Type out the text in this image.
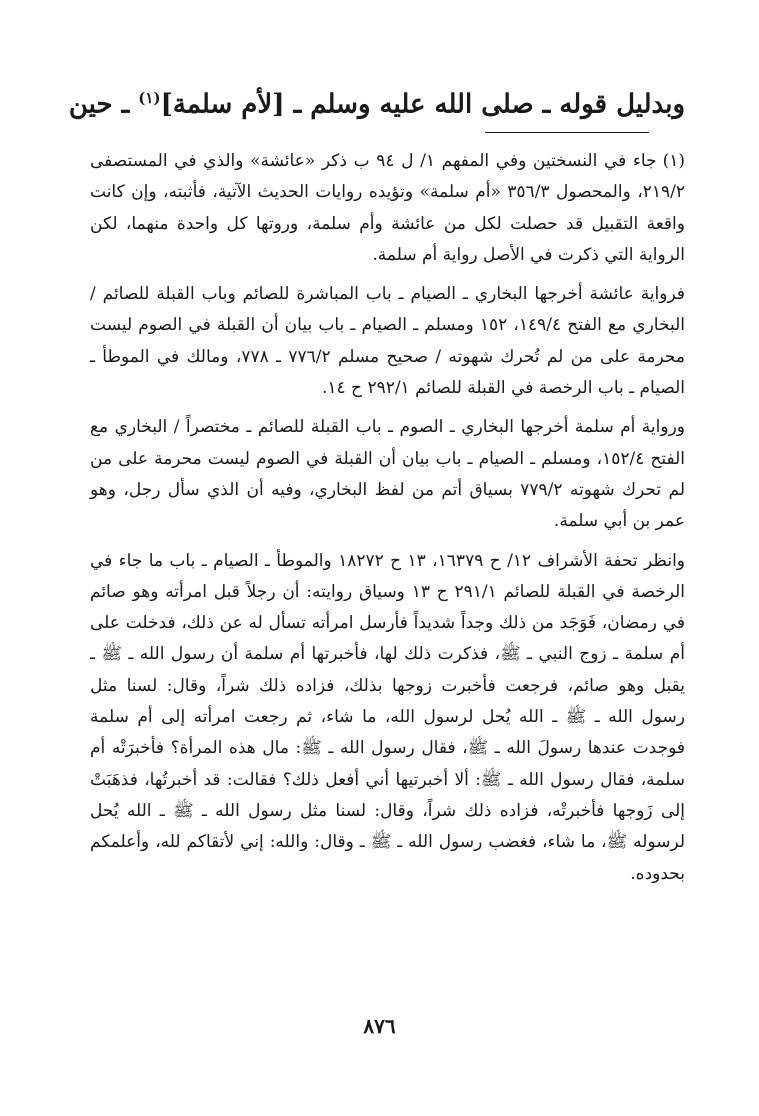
وبدليل قوله ـ صلى الله عليه وسلم ـ [لأم سلمة]$^{(١)}$ ـ حين

(١)جاء في النسختين وفي المفهم ١/ ل ٩٤ ب ذكر «عائشة» والذي في المستصفى ٢١٩/٢، والمحصول ٣٥٦/٣ «أم سلمة» وتؤيده روايات الحديث الآتية، فأثبته، وإن كانت واقعة التقبيل قد حصلت لكل من عائشة وأم سلمة، وروتها كل واحدة منهما، لكن الرواية التي ذكرت في الأصل رواية أم سلمة.

فرواية عائشة أخرجها البخاري ـ الصيام ـ باب المباشرة للصائم وباب القبلة للصائم / البخاري مع الفتح ١٤٩/٤، ١٥٢ ومسلم ـ الصيام ـ باب بيان أن القبلة في الصوم ليست محرمة على من لم تُحرك شهوته / صحيح مسلم ٧٧٦/٢ ـ ٧٧٨، ومالك في الموطأ ـ الصيام ـ باب الرخصة في القبلة للصائم ٢٩٢/١ ح ١٤.

ورواية أم سلمة أخرجها البخاري ـ الصوم ـ باب القبلة للصائم ـ مختصراً / البخاري مع الفتح ١٥٢/٤، ومسلم ـ الصيام ـ باب بيان أن القبلة في الصوم ليست محرمة على من لم تحرك شهوته ٧٧٩/٢ بسياق أتم من لفظ البخاري، وفيه أن الذي سأل رجل، وهو عمر بن أبي سلمة.

وانظر تحفة الأشراف ١٢/ ح ١٦٣٧٩، ١٣ ح ١٨٢٧٢ والموطأ ـ الصيام ـ باب ما جاء في الرخصة في القبلة للصائم ٢٩١/١ ح ١٣ وسياق روايته: أن رجلاً قبل امرأته وهو صائم في رمضان، فَوَجَد من ذلك وجداً شديداً فأرسل امرأته تسأل له عن ذلك، فدخلت على أم سلمة ـ زوج النبي ـ ﷺ، فذكرت ذلك لها، فأخبرتها أم سلمة أن رسول الله ـ ﷺ ـ يقبل وهو صائم، فرجعت فأخبرت زوجها بذلك، فزاده ذلك شراً، وقال: لسنا مثل رسول الله ـ ﷺ ـ الله يُحل لرسول الله، ما شاء، ثم رجعت امرأته إلى أم سلمة فوجدت عندها رسولَ الله ـ ﷺ، فقال رسول الله ـ ﷺ: مال هذه المرأة؟ فأخبرَتْه أم سلمة، فقال رسول الله ـ ﷺ: ألا أخبرتيها أني أفعل ذلك؟ فقالت: قد أخبرتُها، فذهَبَتْ إلى زَوجها فأخبرتْه، فزاده ذلك شراً، وقال: لسنا مثل رسول الله ـ ﷺ ـ الله يُحل لرسوله ﷺ، ما شاء، فغضب رسول الله ـ ﷺ ـ وقال: والله: إني لأتقاكم لله، وأعلمكم بحدوده.

٨٧٦
